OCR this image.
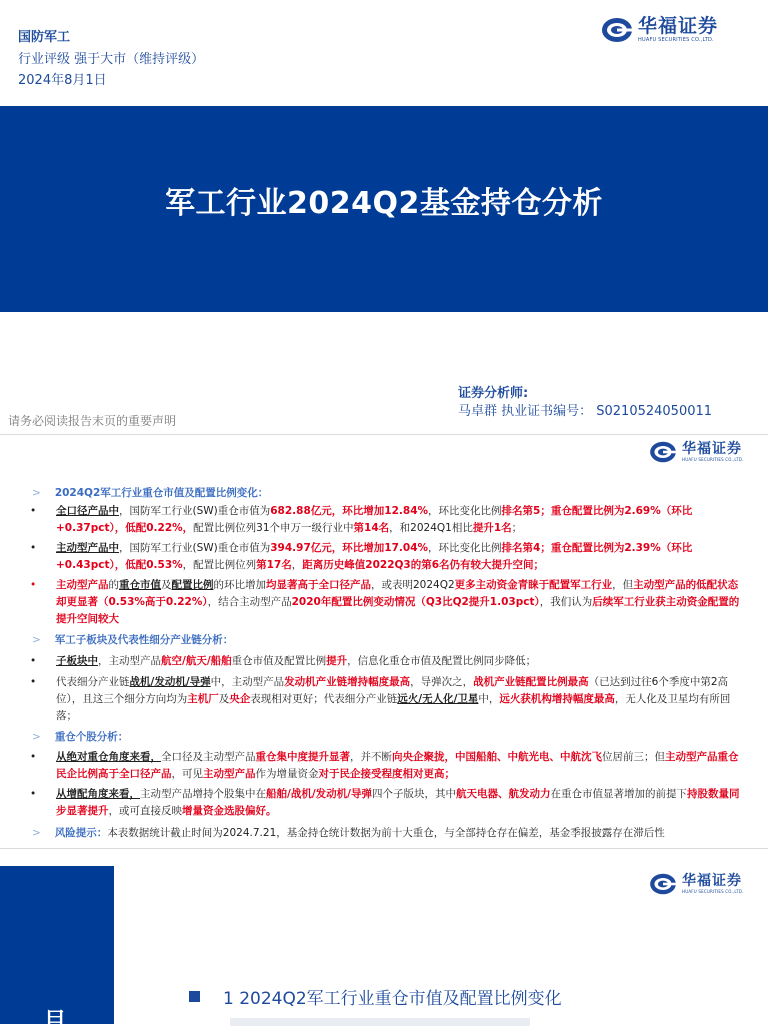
国防军工
行业评级 强于大市（维持评级）
2024年8月1日
华福证券
HUAFU SECURITIES CO.,LTD.
军工行业2024Q2基金持仓分析
证券分析师:
马卓群 执业证书编号： S0210524050011
请务必阅读报告末页的重要声明
华福证券
HUAFU SECURITIES CO.,LTD.
> 2024Q2军工行业重仓市值及配置比例变化：
•	全口径产品中，国防军工行业(SW)重仓市值为682.88亿元，环比增加12.84%，环比变化比例排名第5；重仓配置比例为2.69%（环比+0.37pct），低配0.22%，配置比例位列31个申万一级行业中第14名，和2024Q1相比提升1名；
•	主动型产品中，国防军工行业(SW)重仓市值为394.97亿元，环比增加17.04%，环比变化比例排名第4；重仓配置比例为2.39%（环比+0.43pct），低配0.53%，配置比例位列第17名，距离历史峰值2022Q3的第6名仍有较大提升空间；
•	主动型产品的重仓市值及配置比例的环比增加均显著高于全口径产品，或表明2024Q2更多主动资金青睐于配置军工行业，但主动型产品的低配状态却更显著（0.53%高于0.22%），结合主动型产品2020年配置比例变动情况（Q3比Q2提升1.03pct），我们认为后续军工行业获主动资金配置的提升空间较大
> 军工子板块及代表性细分产业链分析：
•	子板块中，主动型产品航空/航天/船舶重仓市值及配置比例提升，信息化重仓市值及配置比例同步降低；
•	代表细分产业链战机/发动机/导弹中，主动型产品发动机产业链增持幅度最高，导弹次之，战机产业链配置比例最高（已达到过往6个季度中第2高位），且这三个细分方向均为主机厂及央企表现相对更好；代表细分产业链远火/无人化/卫星中，远火获机构增持幅度最高，无人化及卫星均有所回落；
> 重仓个股分析：
•	从绝对重仓角度来看，全口径及主动型产品重仓集中度提升显著，并不断向央企聚拢，中国船舶、中航光电、中航沈飞位居前三；但主动型产品重仓民企比例高于全口径产品，可见主动型产品作为增量资金对于民企接受程度相对更高；
•	从增配角度来看，主动型产品增持个股集中在船舶/战机/发动机/导弹四个子版块，其中航天电器、航发动力在重仓市值显著增加的前提下持股数量同步显著提升，或可直接反映增量资金选股偏好。
> 风险提示：本表数据统计截止时间为2024.7.21，基金持仓统计数据为前十大重仓，与全部持仓存在偏差，基金季报披露存在滞后性
目
华福证券
HUAFU SECURITIES CO.,LTD.
1 2024Q2军工行业重仓市值及配置比例变化
